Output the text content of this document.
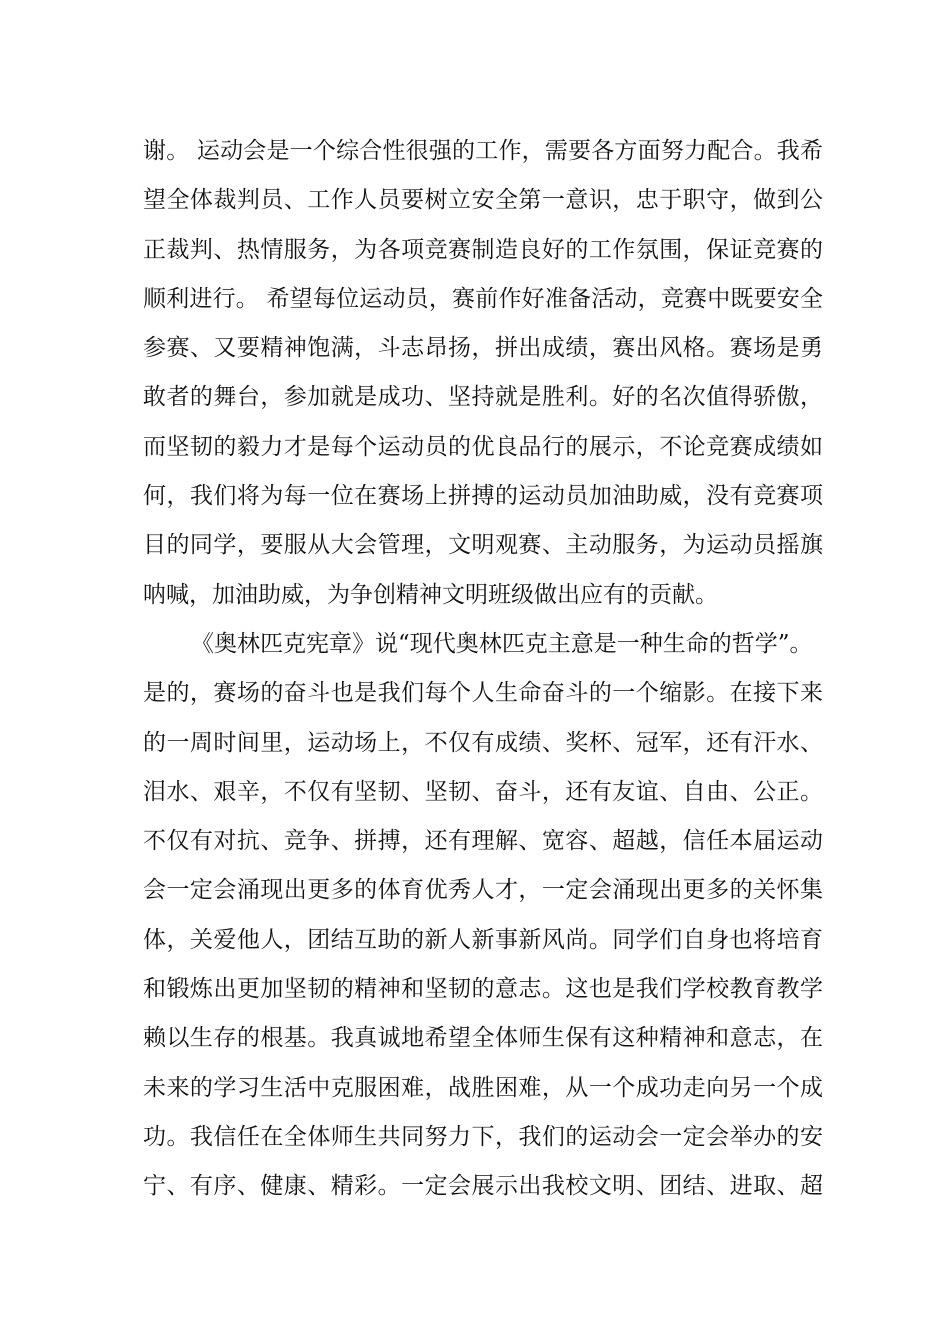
谢。 运动会是一个综合性很强的工作，需要各方面努力配合。我希
望全体裁判员、工作人员要树立安全第一意识，忠于职守，做到公
正裁判、热情服务，为各项竞赛制造良好的工作氛围，保证竞赛的
顺利进行。 希望每位运动员，赛前作好准备活动，竞赛中既要安全
参赛、又要精神饱满，斗志昂扬，拼出成绩，赛出风格。赛场是勇
敢者的舞台，参加就是成功、坚持就是胜利。好的名次值得骄傲，
而坚韧的毅力才是每个运动员的优良品行的展示，不论竞赛成绩如
何，我们将为每一位在赛场上拼搏的运动员加油助威，没有竞赛项
目的同学，要服从大会管理，文明观赛、主动服务，为运动员摇旗
呐喊，加油助威，为争创精神文明班级做出应有的贡献。
《奥林匹克宪章》说“现代奥林匹克主意是一种生命的哲学”。
是的，赛场的奋斗也是我们每个人生命奋斗的一个缩影。在接下来
的一周时间里，运动场上，不仅有成绩、奖杯、冠军，还有汗水、
泪水、艰辛，不仅有坚韧、坚韧、奋斗，还有友谊、自由、公正。
不仅有对抗、竞争、拼搏，还有理解、宽容、超越，信任本届运动
会一定会涌现出更多的体育优秀人才，一定会涌现出更多的关怀集
体，关爱他人，团结互助的新人新事新风尚。同学们自身也将培育
和锻炼出更加坚韧的精神和坚韧的意志。这也是我们学校教育教学
赖以生存的根基。我真诚地希望全体师生保有这种精神和意志，在
未来的学习生活中克服困难，战胜困难，从一个成功走向另一个成
功。我信任在全体师生共同努力下，我们的运动会一定会举办的安
宁、有序、健康、精彩。一定会展示出我校文明、团结、进取、超
